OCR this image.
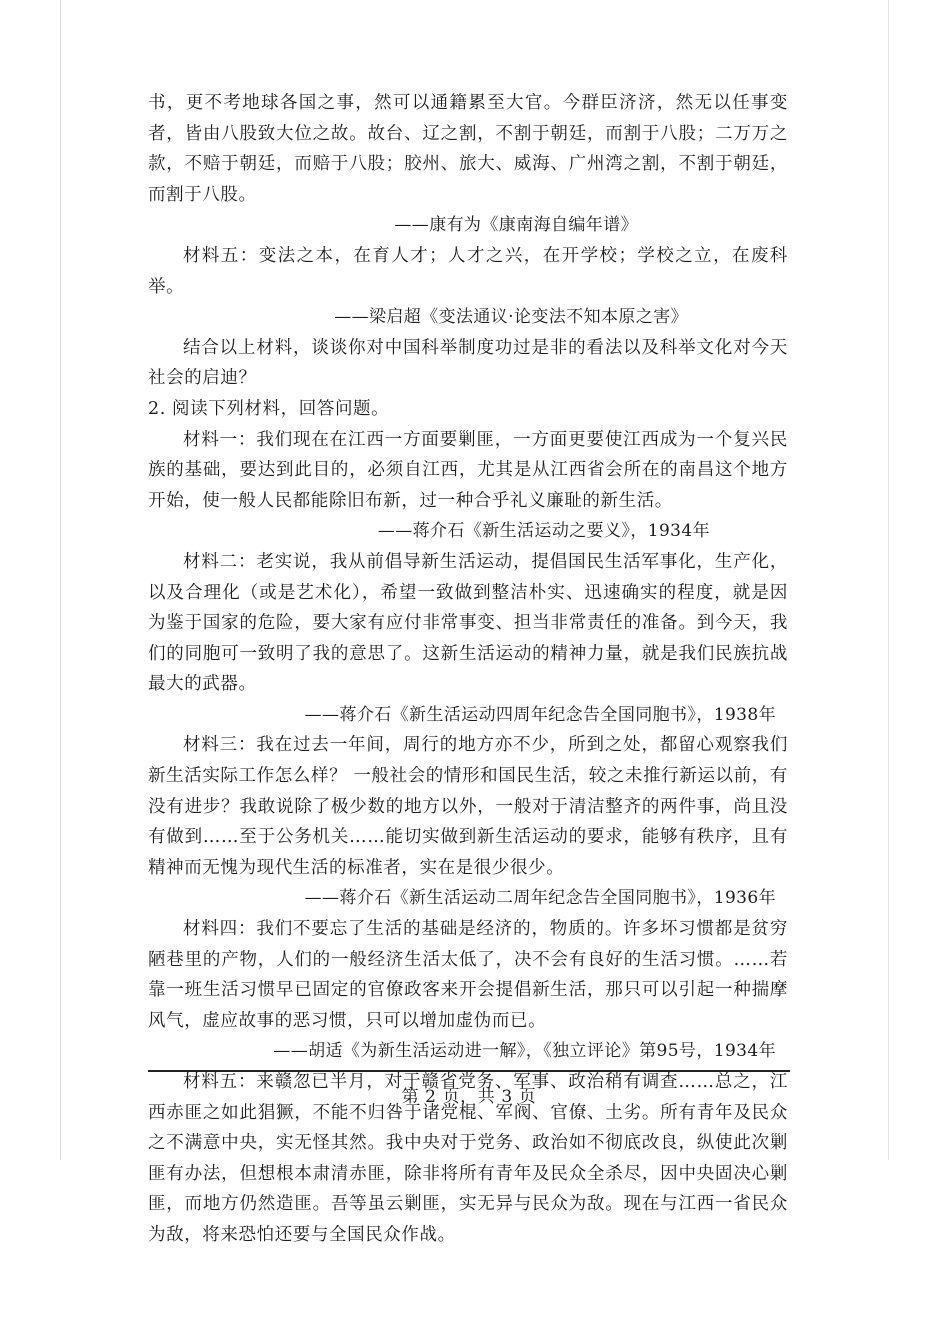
书，更不考地球各国之事，然可以通籍累至大官。今群臣济济，然无以任事变者，皆由八股致大位之故。故台、辽之割，不割于朝廷，而割于八股；二万万之款，不赔于朝廷，而赔于八股；胶州、旅大、威海、广州湾之割，不割于朝廷，而割于八股。

——康有为《康南海自编年谱》

材料五：变法之本，在育人才；人才之兴，在开学校；学校之立，在废科举。

——梁启超《变法通议·论变法不知本原之害》

结合以上材料，谈谈你对中国科举制度功过是非的看法以及科举文化对今天社会的启迪？

2. 阅读下列材料，回答问题。

材料一：我们现在在江西一方面要剿匪，一方面更要使江西成为一个复兴民族的基础，要达到此目的，必须自江西，尤其是从江西省会所在的南昌这个地方开始，使一般人民都能除旧布新，过一种合乎礼义廉耻的新生活。

——蒋介石《新生活运动之要义》，1934年

材料二：老实说，我从前倡导新生活运动，提倡国民生活军事化，生产化，以及合理化（或是艺术化），希望一致做到整洁朴实、迅速确实的程度，就是因为鉴于国家的危险，要大家有应付非常事变、担当非常责任的准备。到今天，我们的同胞可一致明了我的意思了。这新生活运动的精神力量，就是我们民族抗战最大的武器。

——蒋介石《新生活运动四周年纪念告全国同胞书》，1938年

材料三：我在过去一年间，周行的地方亦不少，所到之处，都留心观察我们新生活实际工作怎么样？ 一般社会的情形和国民生活，较之未推行新运以前，有没有进步？我敢说除了极少数的地方以外，一般对于清洁整齐的两件事，尚且没有做到……至于公务机关……能切实做到新生活运动的要求，能够有秩序，且有精神而无愧为现代生活的标准者，实在是很少很少。

——蒋介石《新生活运动二周年纪念告全国同胞书》，1936年

材料四：我们不要忘了生活的基础是经济的，物质的。许多坏习惯都是贫穷陋巷里的产物，人们的一般经济生活太低了，决不会有良好的生活习惯。……若靠一班生活习惯早已固定的官僚政客来开会提倡新生活，那只可以引起一种揣摩风气，虚应故事的恶习惯，只可以增加虚伪而已。

——胡适《为新生活运动进一解》，《独立评论》第95号，1934年

材料五：来赣忽已半月，对于赣省党务、军事、政治稍有调查……总之，江西赤匪之如此猖獗，不能不归咎于诸党棍、军阀、官僚、土劣。所有青年及民众之不满意中央，实无怪其然。我中央对于党务、政治如不彻底改良，纵使此次剿匪有办法，但想根本肃清赤匪，除非将所有青年及民众全杀尽，因中央固决心剿匪，而地方仍然造匪。吾等虽云剿匪，实无异与民众为敌。现在与江西一省民众为敌，将来恐怕还要与全国民众作战。

第 2 页，共 3 页
